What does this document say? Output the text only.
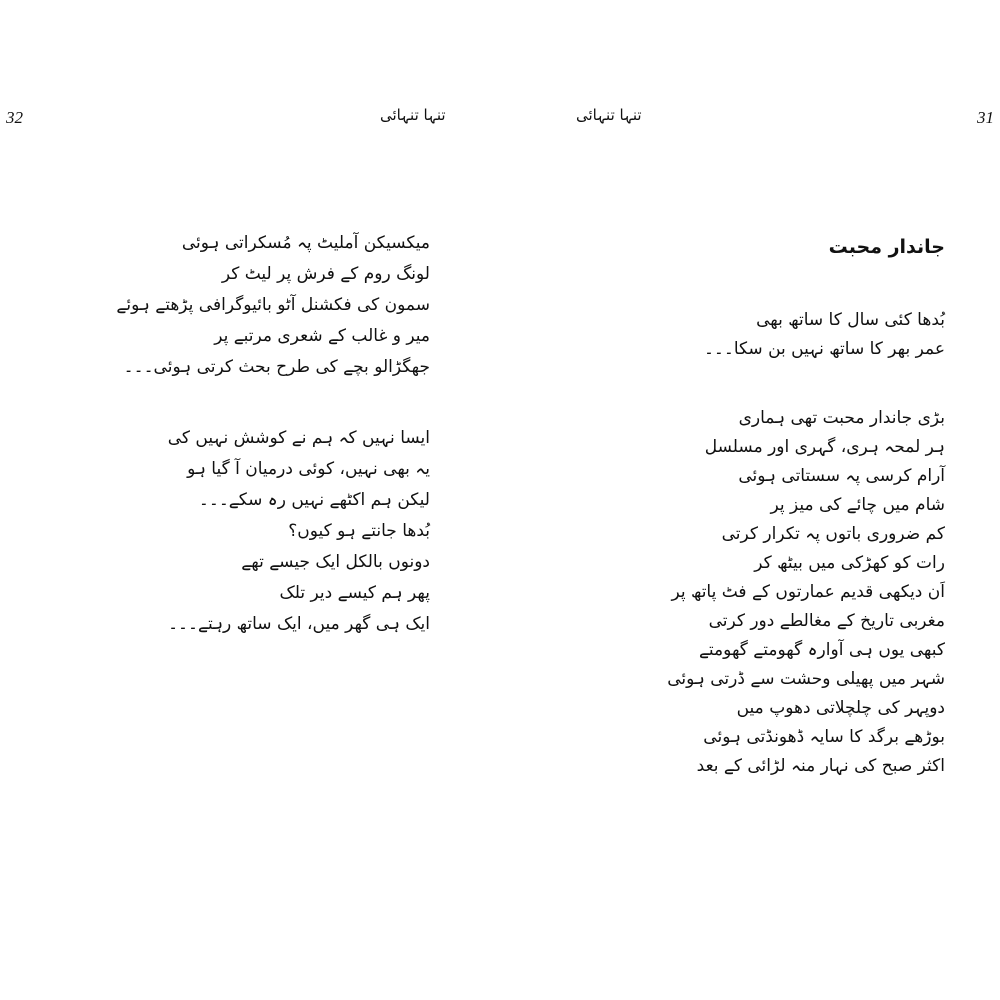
32	تنہا تنہائی	تنہا تنہائی	31
جاندار محبت
بُدھا کئی سال کا ساتھ بھی
عمر بھر کا ساتھ نہیں بن سکا۔۔۔
بڑی جاندار محبت تھی ہماری
ہر لمحہ ہری، گہری اور مسلسل
آرام کرسی پہ سستاتی ہوئی
شام میں چائے کی میز پر
کم ضروری باتوں پہ تکرار کرتی
رات کو کھڑکی میں بیٹھ کر
اَن دیکھی قدیم عمارتوں کے فٹ پاتھ پر
مغربی تاریخ کے مغالطے دور کرتی
کبھی یوں ہی آوارہ گھومتے گھومتے
شہر میں پھیلی وحشت سے ڈرتی ہوئی
دوپہر کی چلچلاتی دھوپ میں
بوڑھے برگد کا سایہ ڈھونڈتی ہوئی
اکثر صبح کی نہار منہ لڑائی کے بعد
میکسیکن آملیٹ پہ مُسکراتی ہوئی
لونگ روم کے فرش پر لیٹ کر
سمون کی فکشنل آٹو بائیوگرافی پڑھتے ہوئے
میر و غالب کے شعری مرتبے پر
جھگڑالو بچے کی طرح بحث کرتی ہوئی۔۔۔
ایسا نہیں کہ ہم نے کوشش نہیں کی
یہ بھی نہیں، کوئی درمیان آ گیا ہو
لیکن ہم اکٹھے نہیں رہ سکے۔۔۔
بُدھا جانتے ہو کیوں؟
دونوں بالکل ایک جیسے تھے
پھر ہم کیسے دیر تلک
ایک ہی گھر میں، ایک ساتھ رہتے۔۔۔
